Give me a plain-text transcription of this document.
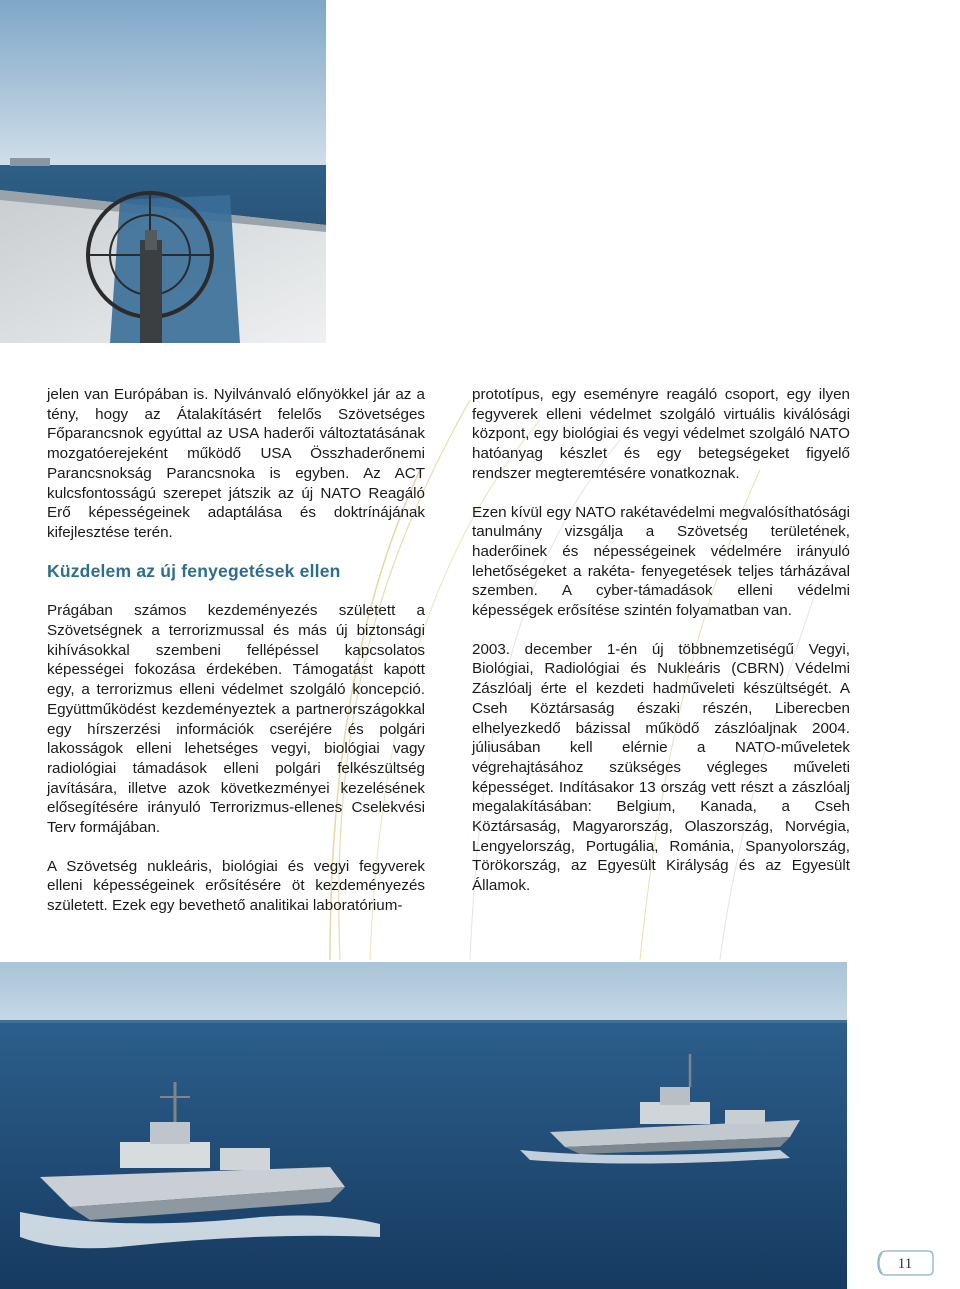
jelen van Európában is. Nyilvánvaló előnyökkel jár az a tény, hogy az Átalakításért felelős Szövetséges Főparancsnok egyúttal az USA haderői változtatásának mozgatóerejeként működő USA Összhaderőnemi Parancsnokság Parancsnoka is egyben. Az ACT kulcsfontosságú szerepet játszik az új NATO Reagáló Erő képességeinek adaptálása és doktrínájának kifejlesztése terén.

Küzdelem az új fenyegetések ellen

Prágában számos kezdeményezés született a Szövetségnek a terrorizmussal és más új biztonsági kihívásokkal szembeni fellépéssel kapcsolatos képességei fokozása érdekében. Támogatást kapott egy, a terrorizmus elleni védelmet szolgáló koncepció. Együttműködést kezdeményeztek a partnerországokkal egy hírszerzési információk cseréjére és polgári lakosságok elleni lehetséges vegyi, biológiai vagy radiológiai támadások elleni polgári felkészültség javítására, illetve azok következményei kezelésének elősegítésére irányuló Terrorizmus-ellenes Cselekvési Terv formájában.

A Szövetség nukleáris, biológiai és vegyi fegyverek elleni képességeinek erősítésére öt kezdeményezés született. Ezek egy bevethető analitikai laboratórium-

prototípus, egy eseményre reagáló csoport, egy ilyen fegyverek elleni védelmet szolgáló virtuális kiválósági központ, egy biológiai és vegyi védelmet szolgáló NATO hatóanyag készlet és egy betegségeket figyelő rendszer megteremtésére vonatkoznak.

Ezen kívül egy NATO rakétavédelmi megvalósíthatósági tanulmány vizsgálja a Szövetség területének, haderőinek és népességeinek védelmére irányuló lehetőségeket a rakéta- fenyegetések teljes tárházával szemben. A cyber-támadások elleni védelmi képességek erősítése szintén folyamatban van.

2003. december 1-én új többnemzetiségű Vegyi, Biológiai, Radiológiai és Nukleáris (CBRN) Védelmi Zászlóalj érte el kezdeti hadműveleti készültségét. A Cseh Köztársaság északi részén, Liberecben elhelyezkedő bázissal működő zászlóaljnak 2004. júliusában kell elérnie a NATO-műveletek végrehajtásához szükséges végleges műveleti képességet. Indításakor 13 ország vett részt a zászlóalj megalakításában: Belgium, Kanada, a Cseh Köztársaság, Magyarország, Olaszország, Norvégia, Lengyelország, Portugália, Románia, Spanyolország, Törökország, az Egyesült Királyság és az Egyesült Államok.

11
